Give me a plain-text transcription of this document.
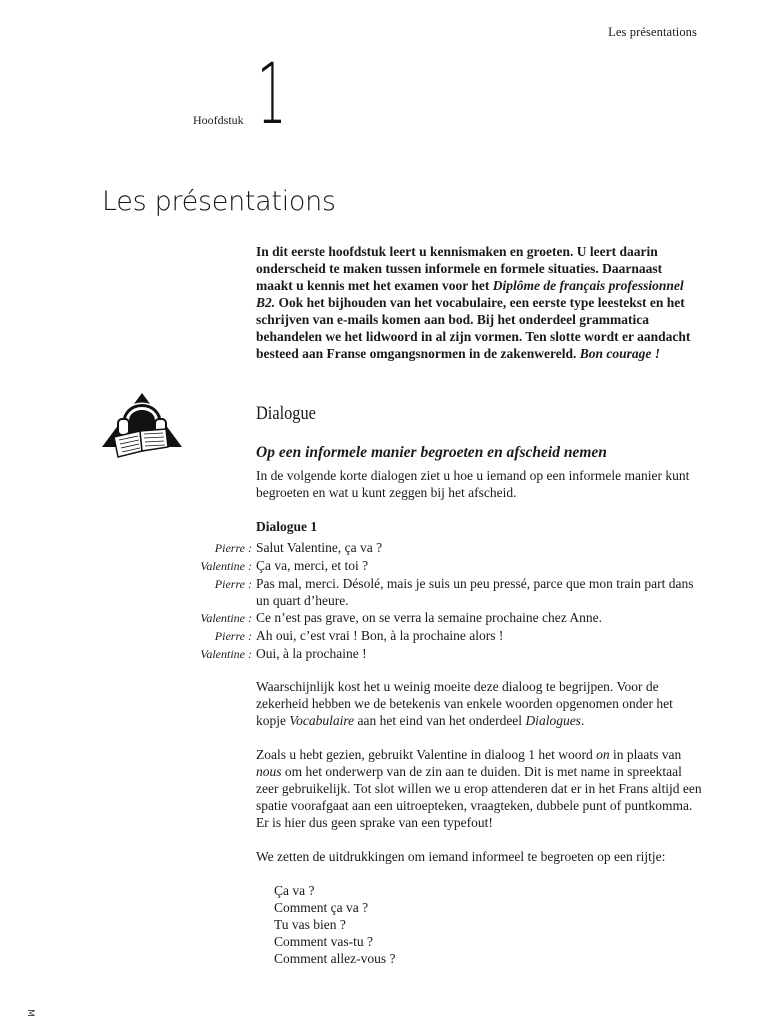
Les présentations
Hoofdstuk 1
Les présentations

In dit eerste hoofdstuk leert u kennismaken en groeten. U leert daarin onderscheid te maken tussen informele en formele situaties. Daarnaast maakt u kennis met het examen voor het Diplôme de français professionnel B2. Ook het bijhouden van het vocabulaire, een eerste type leestekst en het schrijven van e-mails komen aan bod. Bij het onderdeel grammatica behandelen we het lidwoord in al zijn vormen. Ten slotte wordt er aandacht besteed aan Franse omgangsnormen in de zakenwereld. Bon courage !

Dialogue
Op een informele manier begroeten en afscheid nemen

In de volgende korte dialogen ziet u hoe u iemand op een informele manier kunt begroeten en wat u kunt zeggen bij het afscheid.

Dialogue 1
Pierre : Salut Valentine, ça va ?
Valentine : Ça va, merci, et toi ?
Pierre : Pas mal, merci. Désolé, mais je suis un peu pressé, parce que mon train part dans un quart d’heure.
Valentine : Ce n’est pas grave, on se verra la semaine prochaine chez Anne.
Pierre : Ah oui, c’est vrai ! Bon, à la prochaine alors !
Valentine : Oui, à la prochaine !

Waarschijnlijk kost het u weinig moeite deze dialoog te begrijpen. Voor de zekerheid hebben we de betekenis van enkele woorden opgenomen onder het kopje Vocabulaire aan het eind van het onderdeel Dialogues.

Zoals u hebt gezien, gebruikt Valentine in dialoog 1 het woord on in plaats van nous om het onderwerp van de zin aan te duiden. Dit is met name in spreektaal zeer gebruikelijk. Tot slot willen we u erop attenderen dat er in het Frans altijd een spatie voorafgaat aan een uitroepteken, vraagteken, dubbele punt of puntkomma. Er is hier dus geen sprake van een typefout!

We zetten de uitdrukkingen om iemand informeel te begroeten op een rijtje:

Ça va ?
Comment ça va ?
Tu vas bien ?
Comment vas-tu ?
Comment allez-vous ?
M
